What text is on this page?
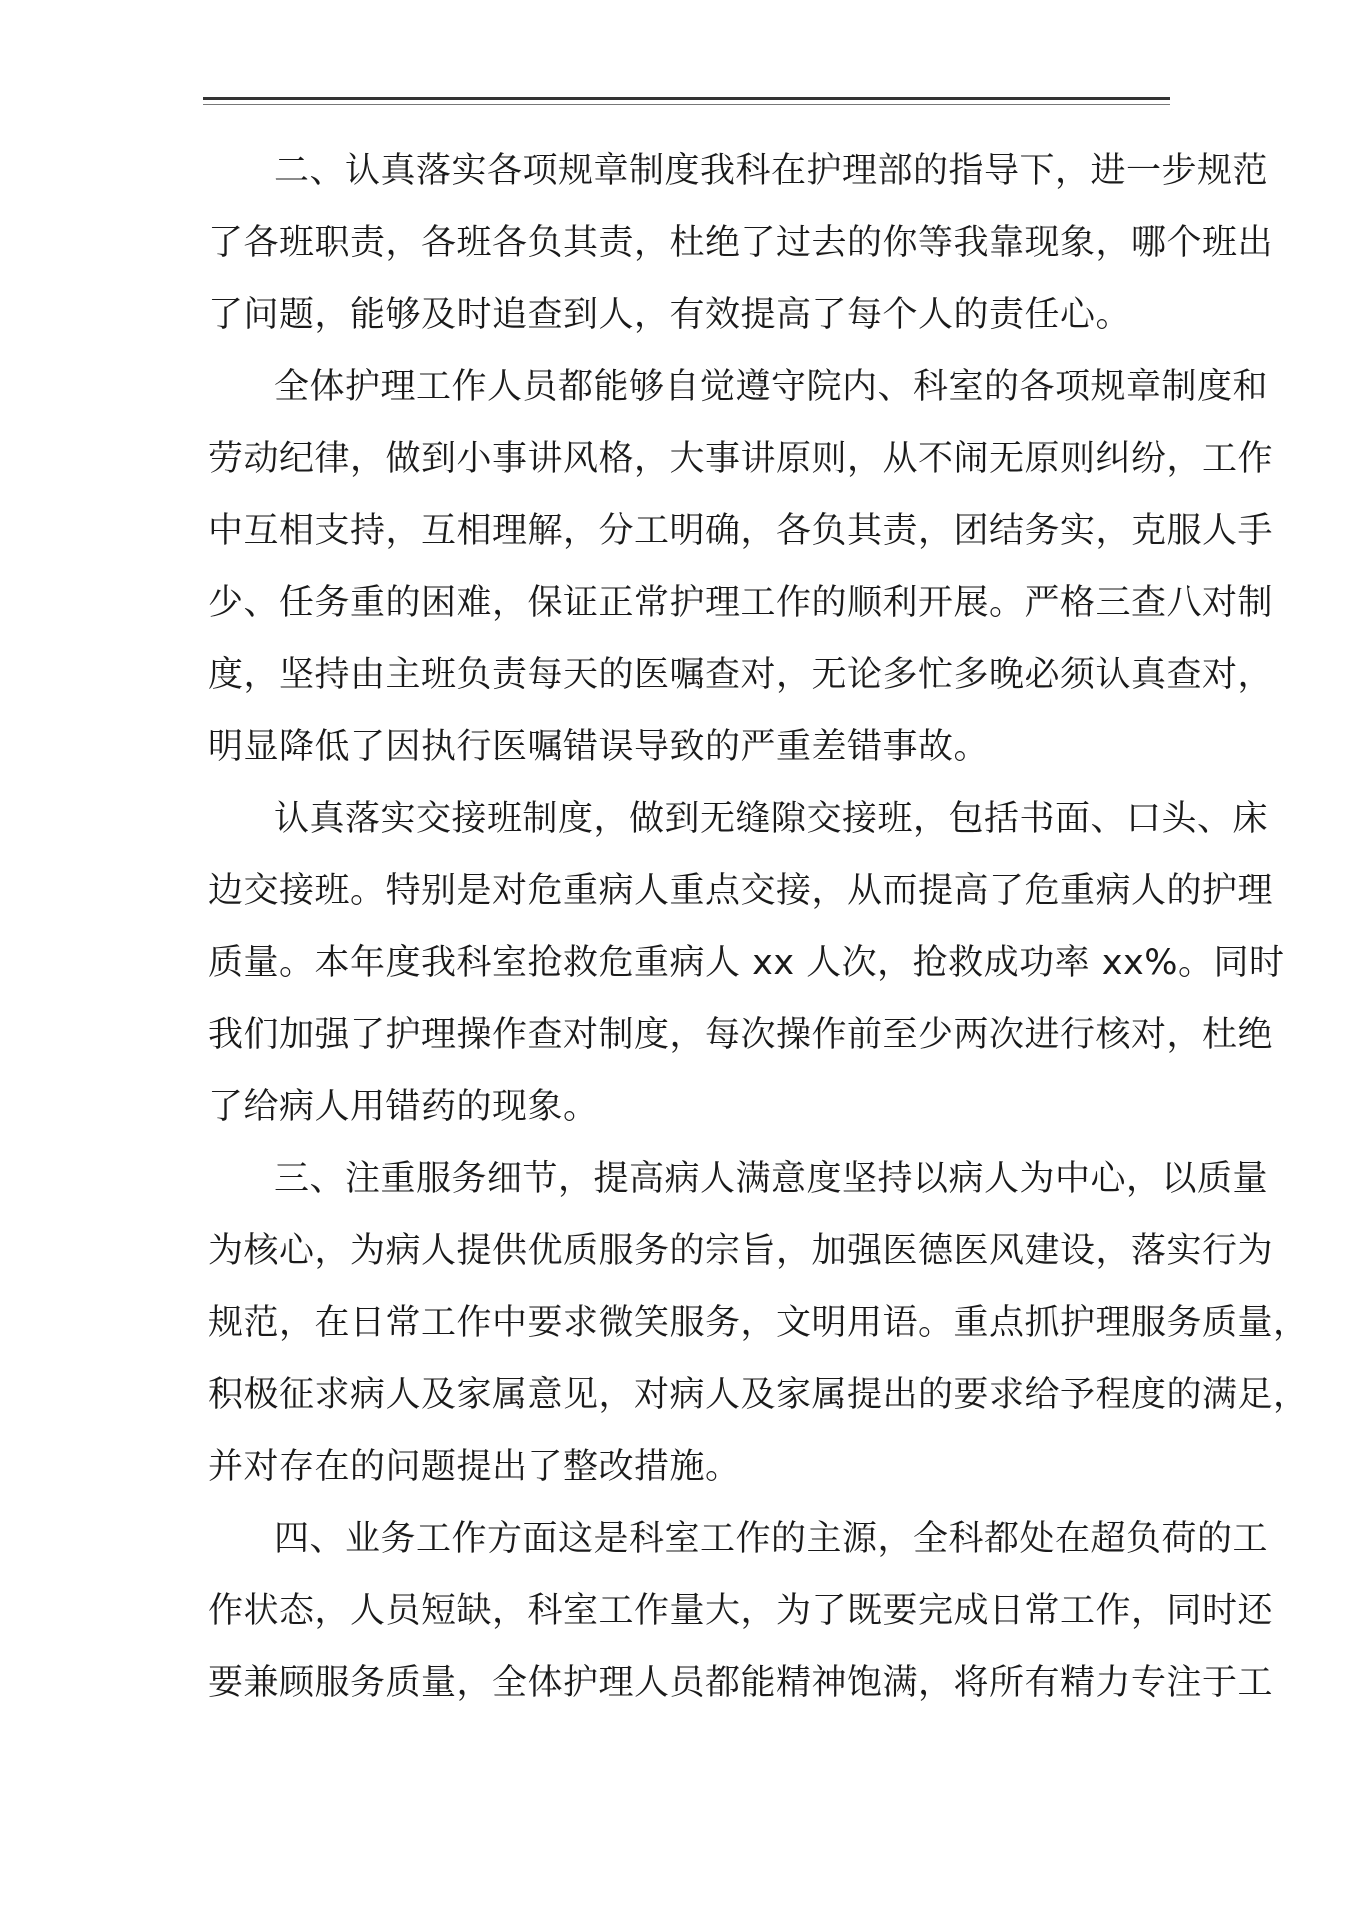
二、认真落实各项规章制度我科在护理部的指导下，进一步规范
了各班职责，各班各负其责，杜绝了过去的你等我靠现象，哪个班出
了问题，能够及时追查到人，有效提高了每个人的责任心。
全体护理工作人员都能够自觉遵守院内、科室的各项规章制度和
劳动纪律，做到小事讲风格，大事讲原则，从不闹无原则纠纷，工作
中互相支持，互相理解，分工明确，各负其责，团结务实，克服人手
少、任务重的困难，保证正常护理工作的顺利开展。严格三查八对制
度，坚持由主班负责每天的医嘱查对，无论多忙多晚必须认真查对，
明显降低了因执行医嘱错误导致的严重差错事故。
认真落实交接班制度，做到无缝隙交接班，包括书面、口头、床
边交接班。特别是对危重病人重点交接，从而提高了危重病人的护理
质量。本年度我科室抢救危重病人 xx 人次，抢救成功率 xx%。同时
我们加强了护理操作查对制度，每次操作前至少两次进行核对，杜绝
了给病人用错药的现象。
三、注重服务细节，提高病人满意度坚持以病人为中心，以质量
为核心，为病人提供优质服务的宗旨，加强医德医风建设，落实行为
规范，在日常工作中要求微笑服务，文明用语。重点抓护理服务质量，
积极征求病人及家属意见，对病人及家属提出的要求给予程度的满足，
并对存在的问题提出了整改措施。
四、业务工作方面这是科室工作的主源，全科都处在超负荷的工
作状态，人员短缺，科室工作量大，为了既要完成日常工作，同时还
要兼顾服务质量，全体护理人员都能精神饱满，将所有精力专注于工
